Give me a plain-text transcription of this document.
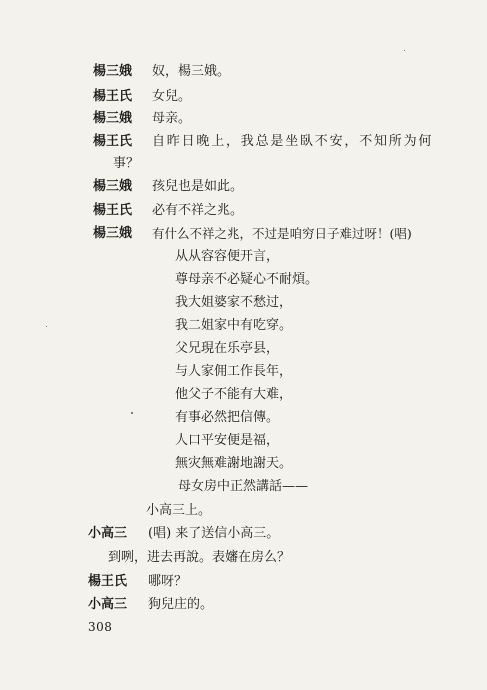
楊三娥 奴，楊三娥。
楊王氏 女兒。
楊三娥 母亲。
楊王氏 自昨日晚上，我总是坐臥不安，不知所为何
事？
楊三娥 孩兒也是如此。
楊王氏 必有不祥之兆。
楊三娥 有什么不祥之兆，不过是咱穷日子难过呀！(唱)
从从容容便开言，
尊母亲不必疑心不耐煩。
我大姐婆家不愁过，
我二姐家中有吃穿。
父兄現在乐亭县，
与人家佣工作長年，
他父子不能有大难，
有事必然把信傳。
人口平安便是福，
無灾無难謝地謝天。
母女房中正然講話——
小高三上。
小高三 (唱) 来了送信小高三。
到咧，进去再說。表嬸在房么？
楊王氏 哪呀？
小高三 狗兒庄的。
308
